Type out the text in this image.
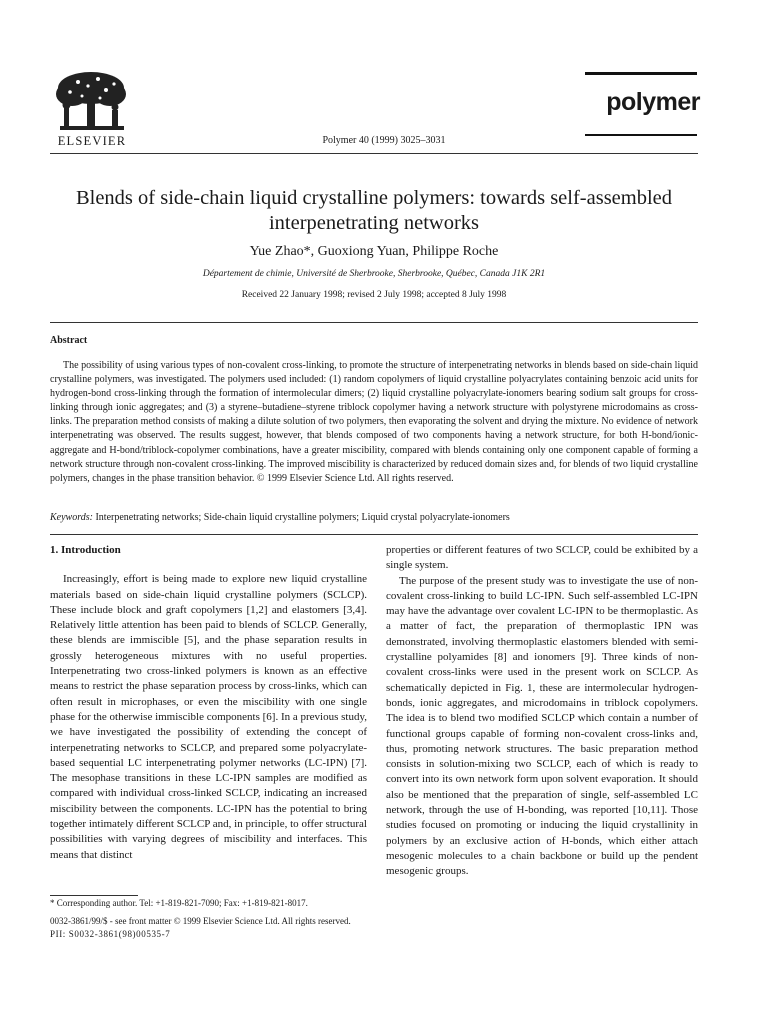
ELSEVIER
polymer
Polymer 40 (1999) 3025–3031
Blends of side-chain liquid crystalline polymers: towards self-assembled interpenetrating networks
Yue Zhao*, Guoxiong Yuan, Philippe Roche
Département de chimie, Université de Sherbrooke, Sherbrooke, Québec, Canada J1K 2R1
Received 22 January 1998; revised 2 July 1998; accepted 8 July 1998
Abstract
The possibility of using various types of non-covalent cross-linking, to promote the structure of interpenetrating networks in blends based on side-chain liquid crystalline polymers, was investigated. The polymers used included: (1) random copolymers of liquid crystalline polyacrylates containing benzoic acid units for hydrogen-bond cross-linking through the formation of intermolecular dimers; (2) liquid crystalline polyacrylate-ionomers bearing sodium salt groups for cross-linking through ionic aggregates; and (3) a styrene–butadiene–styrene triblock copolymer having a network structure with polystyrene microdomains as cross-links. The preparation method consists of making a dilute solution of two polymers, then evaporating the solvent and drying the mixture. No evidence of network interpenetrating was observed. The results suggest, however, that blends composed of two components having a network structure, for both H-bond/ionic-aggregate and H-bond/triblock-copolymer combinations, have a greater miscibility, compared with blends containing only one component capable of forming a network structure through non-covalent cross-linking. The improved miscibility is characterized by reduced domain sizes and, for blends of two liquid crystalline polymers, changes in the phase transition behavior. © 1999 Elsevier Science Ltd. All rights reserved.
Keywords: Interpenetrating networks; Side-chain liquid crystalline polymers; Liquid crystal polyacrylate-ionomers

1. Introduction

Increasingly, effort is being made to explore new liquid crystalline materials based on side-chain liquid crystalline polymers (SCLCP). These include block and graft copolymers [1,2] and elastomers [3,4]. Relatively little attention has been paid to blends of SCLCP. Generally, these blends are immiscible [5], and the phase separation results in grossly heterogeneous mixtures with no useful properties. Interpenetrating two cross-linked polymers is known as an effective means to restrict the phase separation process by cross-links, which can often result in microphases, or even the miscibility with one single phase for the otherwise immiscible components [6]. In a previous study, we have investigated the possibility of extending the concept of interpenetrating networks to SCLCP, and prepared some polyacrylate-based sequential LC interpenetrating polymer networks (LC-IPN) [7]. The mesophase transitions in these LC-IPN samples are modified as compared with individual cross-linked SCLCP, indicating an increased miscibility between the components. LC-IPN has the potential to bring together intimately different SCLCP and, in principle, to offer structural possibilities with varying degrees of miscibility and interfaces. This means that distinct

properties or different features of two SCLCP, could be exhibited by a single system.

The purpose of the present study was to investigate the use of non-covalent cross-linking to build LC-IPN. Such self-assembled LC-IPN may have the advantage over covalent LC-IPN to be thermoplastic. As a matter of fact, the preparation of thermoplastic IPN was demonstrated, involving thermoplastic elastomers blended with semi-crystalline polyamides [8] and ionomers [9]. Three kinds of non-covalent cross-links were used in the present work on SCLCP. As schematically depicted in Fig. 1, these are intermolecular hydrogen-bonds, ionic aggregates, and microdomains in triblock copolymers. The idea is to blend two modified SCLCP which contain a number of functional groups capable of forming non-covalent cross-links and, thus, promoting network structures. The basic preparation method consists in solution-mixing two SCLCP, each of which is ready to convert into its own network form upon solvent evaporation. It should also be mentioned that the preparation of single, self-assembled LC network, through the use of H-bonding, was reported [10,11]. Those studies focused on promoting or inducing the liquid crystallinity in polymers by an exclusive action of H-bonds, which either attach mesogenic molecules to a chain backbone or build up the pendent mesogenic groups.

* Corresponding author. Tel: +1-819-821-7090; Fax: +1-819-821-8017.
0032-3861/99/$ - see front matter © 1999 Elsevier Science Ltd. All rights reserved.
PII: S0032-3861(98)00535-7
